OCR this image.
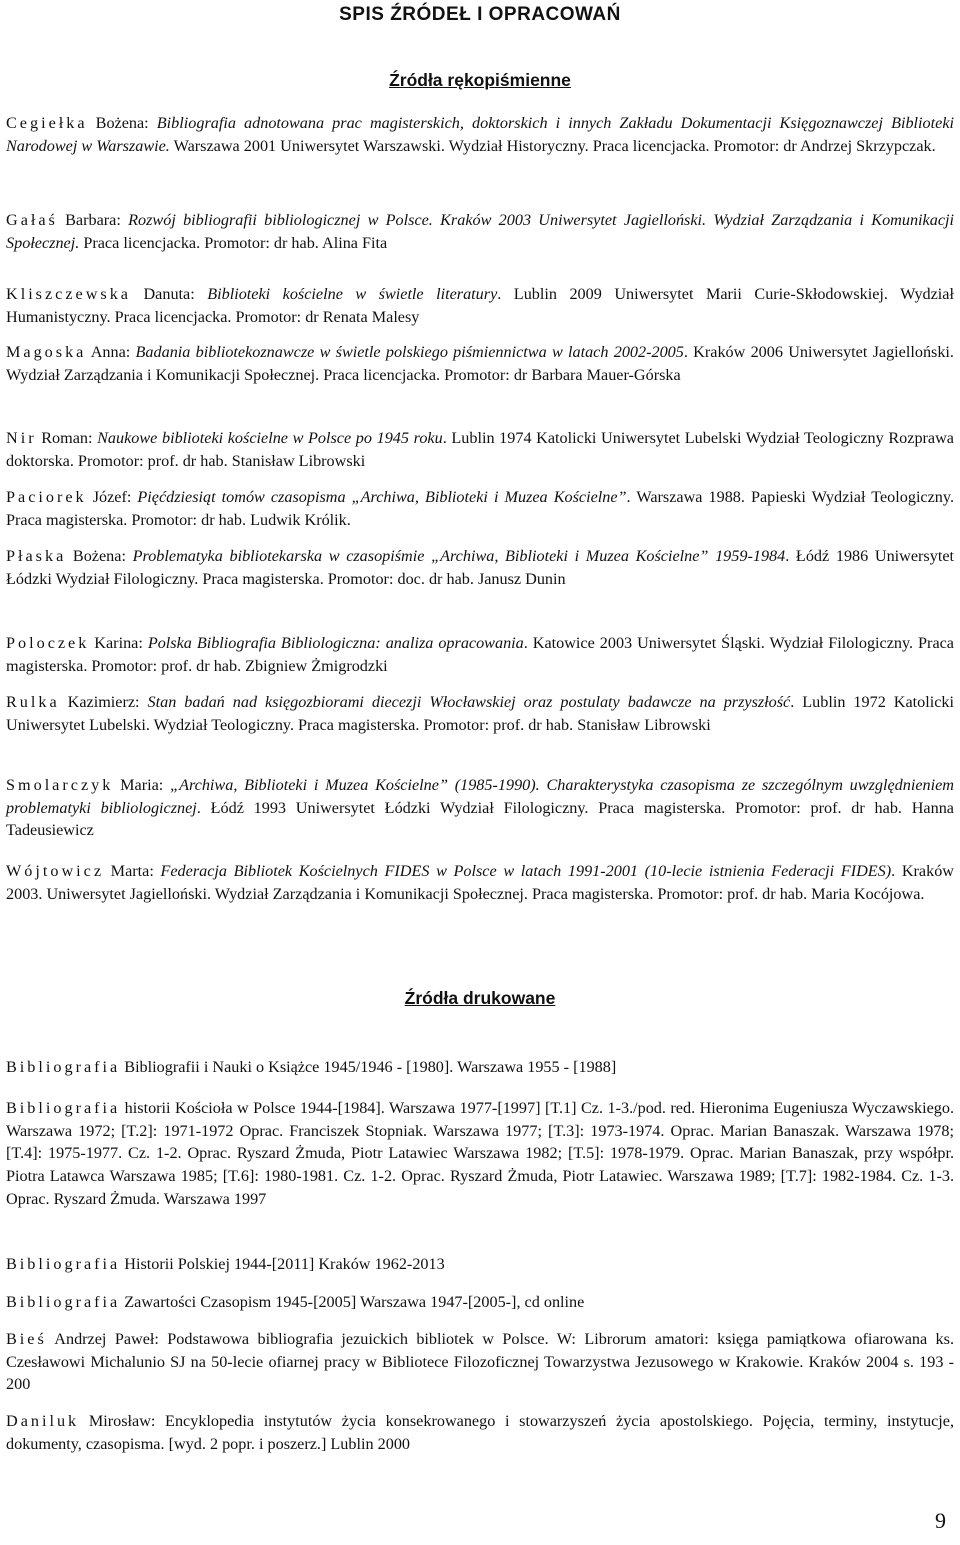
SPIS ŹRÓDEŁ I OPRACOWAŃ
Źródła rękopiśmienne
Cegiełka Bożena: Bibliografia adnotowana prac magisterskich, doktorskich i innych Zakładu Dokumentacji Księgoznawczej Biblioteki Narodowej w Warszawie. Warszawa 2001 Uniwersytet Warszawski. Wydział Historyczny. Praca licencjacka. Promotor: dr Andrzej Skrzypczak.
Gałaś Barbara: Rozwój bibliografii bibliologicznej w Polsce. Kraków 2003 Uniwersytet Jagielloński. Wydział Zarządzania i Komunikacji Społecznej. Praca licencjacka. Promotor: dr hab. Alina Fita
Kliszczewska Danuta: Biblioteki kościelne w świetle literatury. Lublin 2009 Uniwersytet Marii Curie-Skłodowskiej. Wydział Humanistyczny. Praca licencjacka. Promotor: dr Renata Malesy
Magoska Anna: Badania bibliotekoznawcze w świetle polskiego piśmiennictwa w latach 2002-2005. Kraków 2006 Uniwersytet Jagielloński. Wydział Zarządzania i Komunikacji Społecznej. Praca licencjacka. Promotor: dr Barbara Mauer-Górska
Nir Roman: Naukowe biblioteki kościelne w Polsce po 1945 roku. Lublin 1974 Katolicki Uniwersytet Lubelski Wydział Teologiczny Rozprawa doktorska. Promotor: prof. dr hab. Stanisław Librowski
Paciorek Józef: Pięćdziesiąt tomów czasopisma „Archiwa, Biblioteki i Muzea Kościelne”. Warszawa 1988. Papieski Wydział Teologiczny. Praca magisterska. Promotor: dr hab. Ludwik Królik.
Płaska Bożena: Problematyka bibliotekarska w czasopiśmie „Archiwa, Biblioteki i Muzea Kościelne” 1959-1984. Łódź 1986 Uniwersytet Łódzki Wydział Filologiczny. Praca magisterska. Promotor: doc. dr hab. Janusz Dunin
Poloczek Karina: Polska Bibliografia Bibliologiczna: analiza opracowania. Katowice 2003 Uniwersytet Śląski. Wydział Filologiczny. Praca magisterska. Promotor: prof. dr hab. Zbigniew Żmigrodzki
Rulka Kazimierz: Stan badań nad księgozbiorami diecezji Włocławskiej oraz postulaty badawcze na przyszłość. Lublin 1972 Katolicki Uniwersytet Lubelski. Wydział Teologiczny. Praca magisterska. Promotor: prof. dr hab. Stanisław Librowski
Smolarczyk Maria: „Archiwa, Biblioteki i Muzea Kościelne” (1985-1990). Charakterystyka czasopisma ze szczególnym uwzględnieniem problematyki bibliologicznej. Łódź 1993 Uniwersytet Łódzki Wydział Filologiczny. Praca magisterska. Promotor: prof. dr hab. Hanna Tadeusiewicz
Wójtowicz Marta: Federacja Bibliotek Kościelnych FIDES w Polsce w latach 1991-2001 (10-lecie istnienia Federacji FIDES). Kraków 2003. Uniwersytet Jagielloński. Wydział Zarządzania i Komunikacji Społecznej. Praca magisterska. Promotor: prof. dr hab. Maria Kocójowa.
Źródła drukowane
Bibliografia Bibliografii i Nauki o Książce 1945/1946 - [1980]. Warszawa 1955 - [1988]
Bibliografia historii Kościoła w Polsce 1944-[1984]. Warszawa 1977-[1997] [T.1] Cz. 1-3./pod. red. Hieronima Eugeniusza Wyczawskiego. Warszawa 1972; [T.2]: 1971-1972 Oprac. Franciszek Stopniak. Warszawa 1977; [T.3]: 1973-1974. Oprac. Marian Banaszak. Warszawa 1978; [T.4]: 1975-1977. Cz. 1-2. Oprac. Ryszard Żmuda, Piotr Latawiec Warszawa 1982; [T.5]: 1978-1979. Oprac. Marian Banaszak, przy współpr. Piotra Latawca Warszawa 1985; [T.6]: 1980-1981. Cz. 1-2. Oprac. Ryszard Żmuda, Piotr Latawiec. Warszawa 1989; [T.7]: 1982-1984. Cz. 1-3. Oprac. Ryszard Żmuda. Warszawa 1997
Bibliografia Historii Polskiej 1944-[2011] Kraków 1962-2013
Bibliografia Zawartości Czasopism 1945-[2005] Warszawa 1947-[2005-], cd online
Bieś Andrzej Paweł: Podstawowa bibliografia jezuickich bibliotek w Polsce. W: Librorum amatori: księga pamiątkowa ofiarowana ks. Czesławowi Michalunio SJ na 50-lecie ofiarnej pracy w Bibliotece Filozoficznej Towarzystwa Jezusowego w Krakowie. Kraków 2004 s. 193 - 200
Daniluk Mirosław: Encyklopedia instytutów życia konsekrowanego i stowarzyszeń życia apostolskiego. Pojęcia, terminy, instytucje, dokumenty, czasopisma. [wyd. 2 popr. i poszerz.] Lublin 2000
9
